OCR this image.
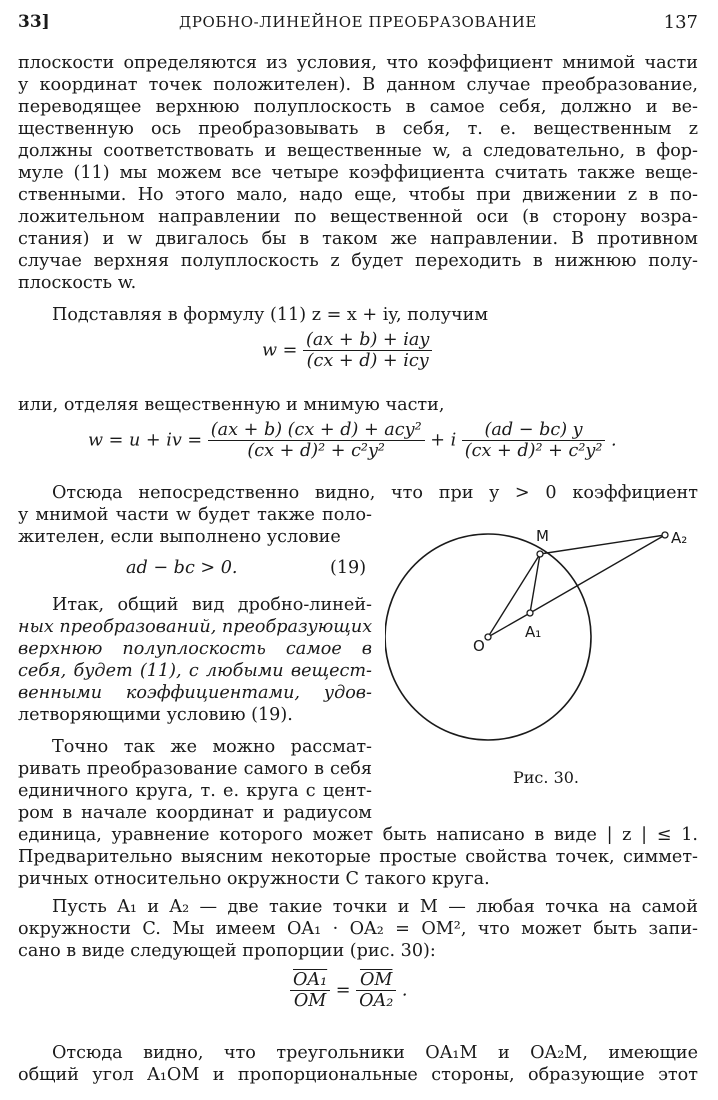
33]	ДРОБНО-ЛИНЕЙНОЕ ПРЕОБРАЗОВАНИЕ	137
плоскости определяются из условия, что коэффициент мнимой части
у координат точек положителен). В данном случае преобразование,
переводящее верхнюю полуплоскость в самое себя, должно и ве-
щественную ось преобразовывать в себя, т. е. вещественным z
должны соответствовать и вещественные w, а следовательно, в фор-
муле (11) мы можем все четыре коэффициента считать также веще-
ственными. Но этого мало, надо еще, чтобы при движении z в по-
ложительном направлении по вещественной оси (в сторону возра-
стания) и w двигалось бы в таком же направлении. В противном
случае верхняя полуплоскость z будет переходить в нижнюю полу-
плоскость w.
Подставляя в формулу (11) z = x + iy, получим
$w = \frac{\text{(ax + b) + iay}}{\text{(cx + d) + icy}}$
или, отделяя вещественную и мнимую части,
w = u + iv = $\frac{\text{(ax + b) (cx + d) + acy²}}{\text{(cx + d)² + c²y²}} + i \frac{(ad - bc) y}{\text{(cx + d)² + c²y²}}$ .
Отсюда непосредственно видно, что при y > 0 коэффициент
у мнимой части w будет также поло-
жителен, если выполнено условие
ad − bc > 0.	(19)
Итак, общий вид дробно-линей-
ных преобразований, преобразующих
верхнюю полуплоскость самое в
себя, будет (11), с любыми вещест-
венными коэффициентами, удов-
летворяющими условию (19).
Точно так же можно рассмат-
ривать преобразование самого в себя
единичного круга, т. е. круга с цент-
ром в начале координат и радиусом
единица, уравнение которого может быть написано в виде | z | ≤ 1.
Предварительно выясним некоторые простые свойства точек, симмет-
ричных относительно окружности C такого круга.
Пусть A₁ и A₂ — две такие точки и M — любая точка на самой
окружности C. Мы имеем OA₁ · OA₂ = OM², что может быть запи-
сано в виде следующей пропорции (рис. 30):
$\frac{\text{OA₁}}{OM} = \frac{\overline{OM}}{\text{OA₂}}$ .
Отсюда видно, что треугольники OA₁M и OA₂M, имеющие
общий угол A₁OM и пропорциональные стороны, образующие этот
M	A₂
O
A₁
Рис. 30.
